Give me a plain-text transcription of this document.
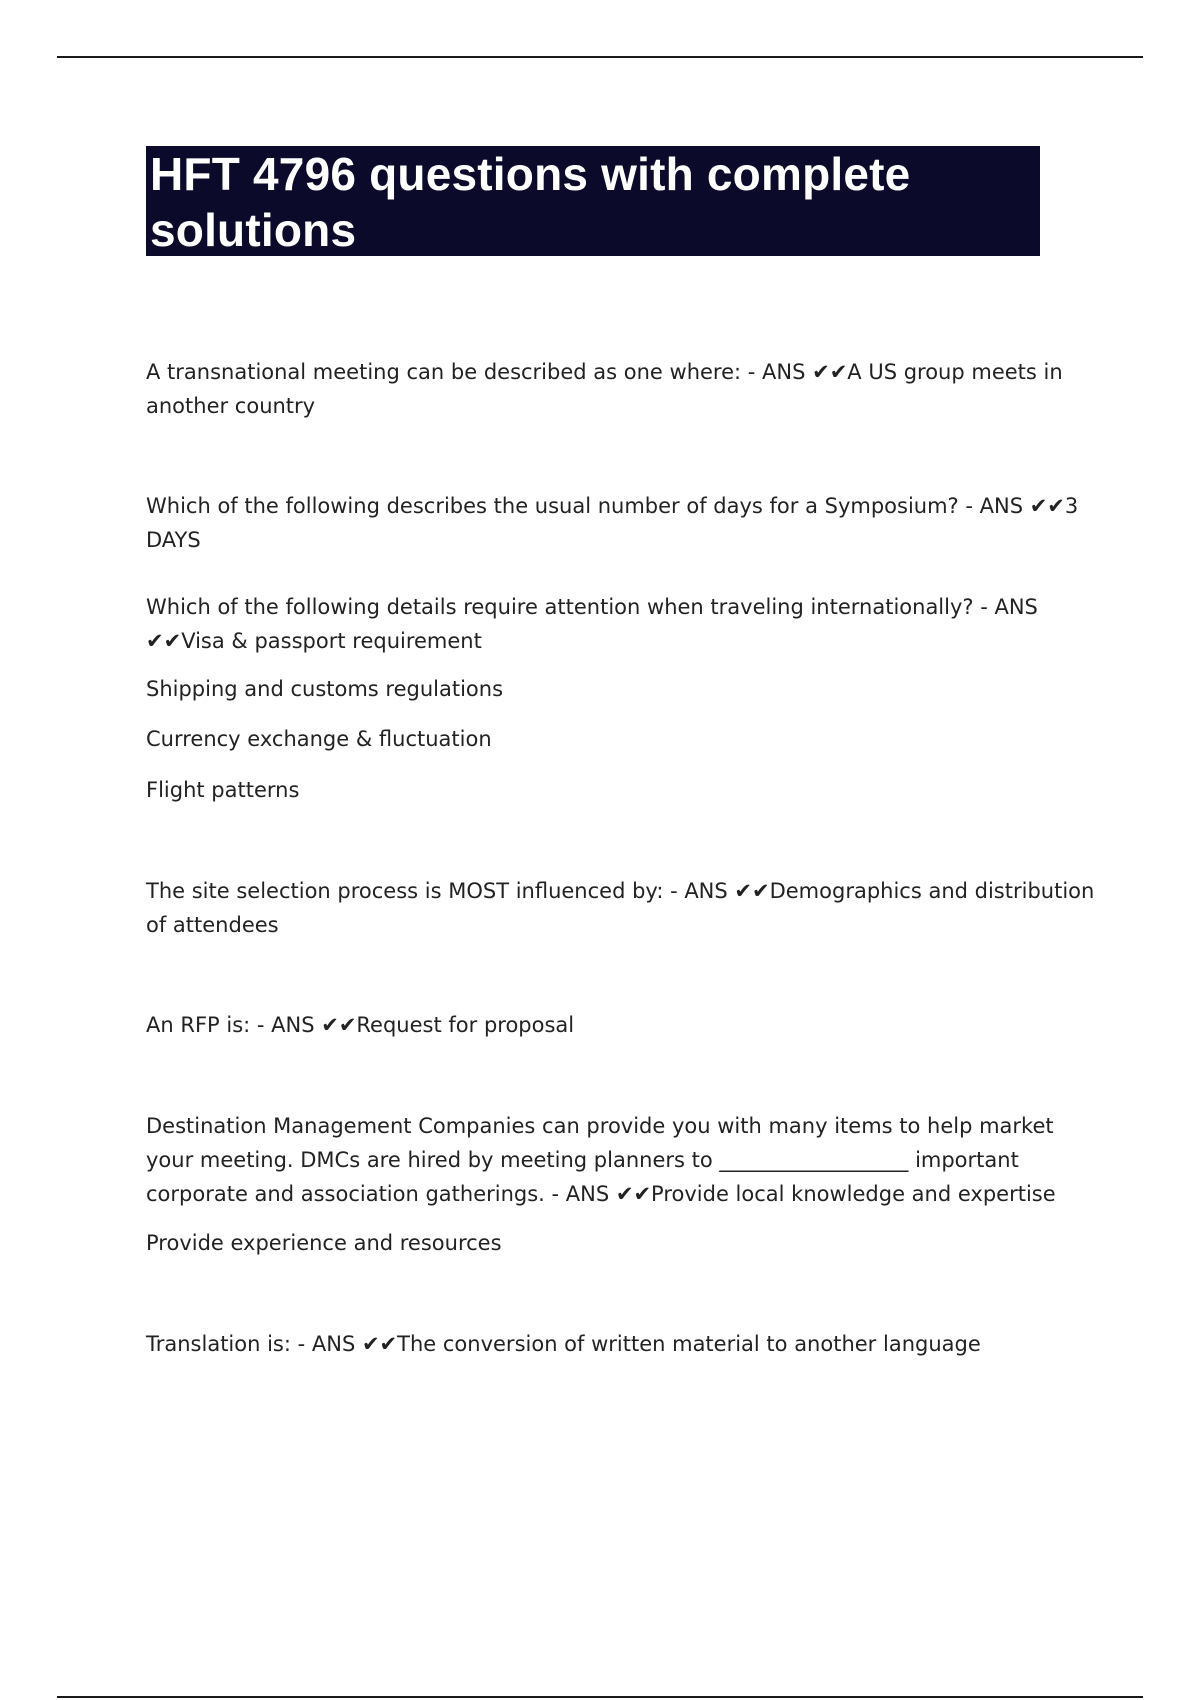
HFT 4796 questions with complete solutions

A transnational meeting can be described as one where: - ANS ✔✔A US group meets in another country

Which of the following describes the usual number of days for a Symposium? - ANS ✔✔3 DAYS

Which of the following details require attention when traveling internationally? - ANS ✔✔Visa & passport requirement

Shipping and customs regulations

Currency exchange & fluctuation

Flight patterns

The site selection process is MOST influenced by: - ANS ✔✔Demographics and distribution of attendees

An RFP is: - ANS ✔✔Request for proposal

Destination Management Companies can provide you with many items to help market your meeting. DMCs are hired by meeting planners to __________________ important corporate and association gatherings. - ANS ✔✔Provide local knowledge and expertise

Provide experience and resources

Translation is: - ANS ✔✔The conversion of written material to another language
